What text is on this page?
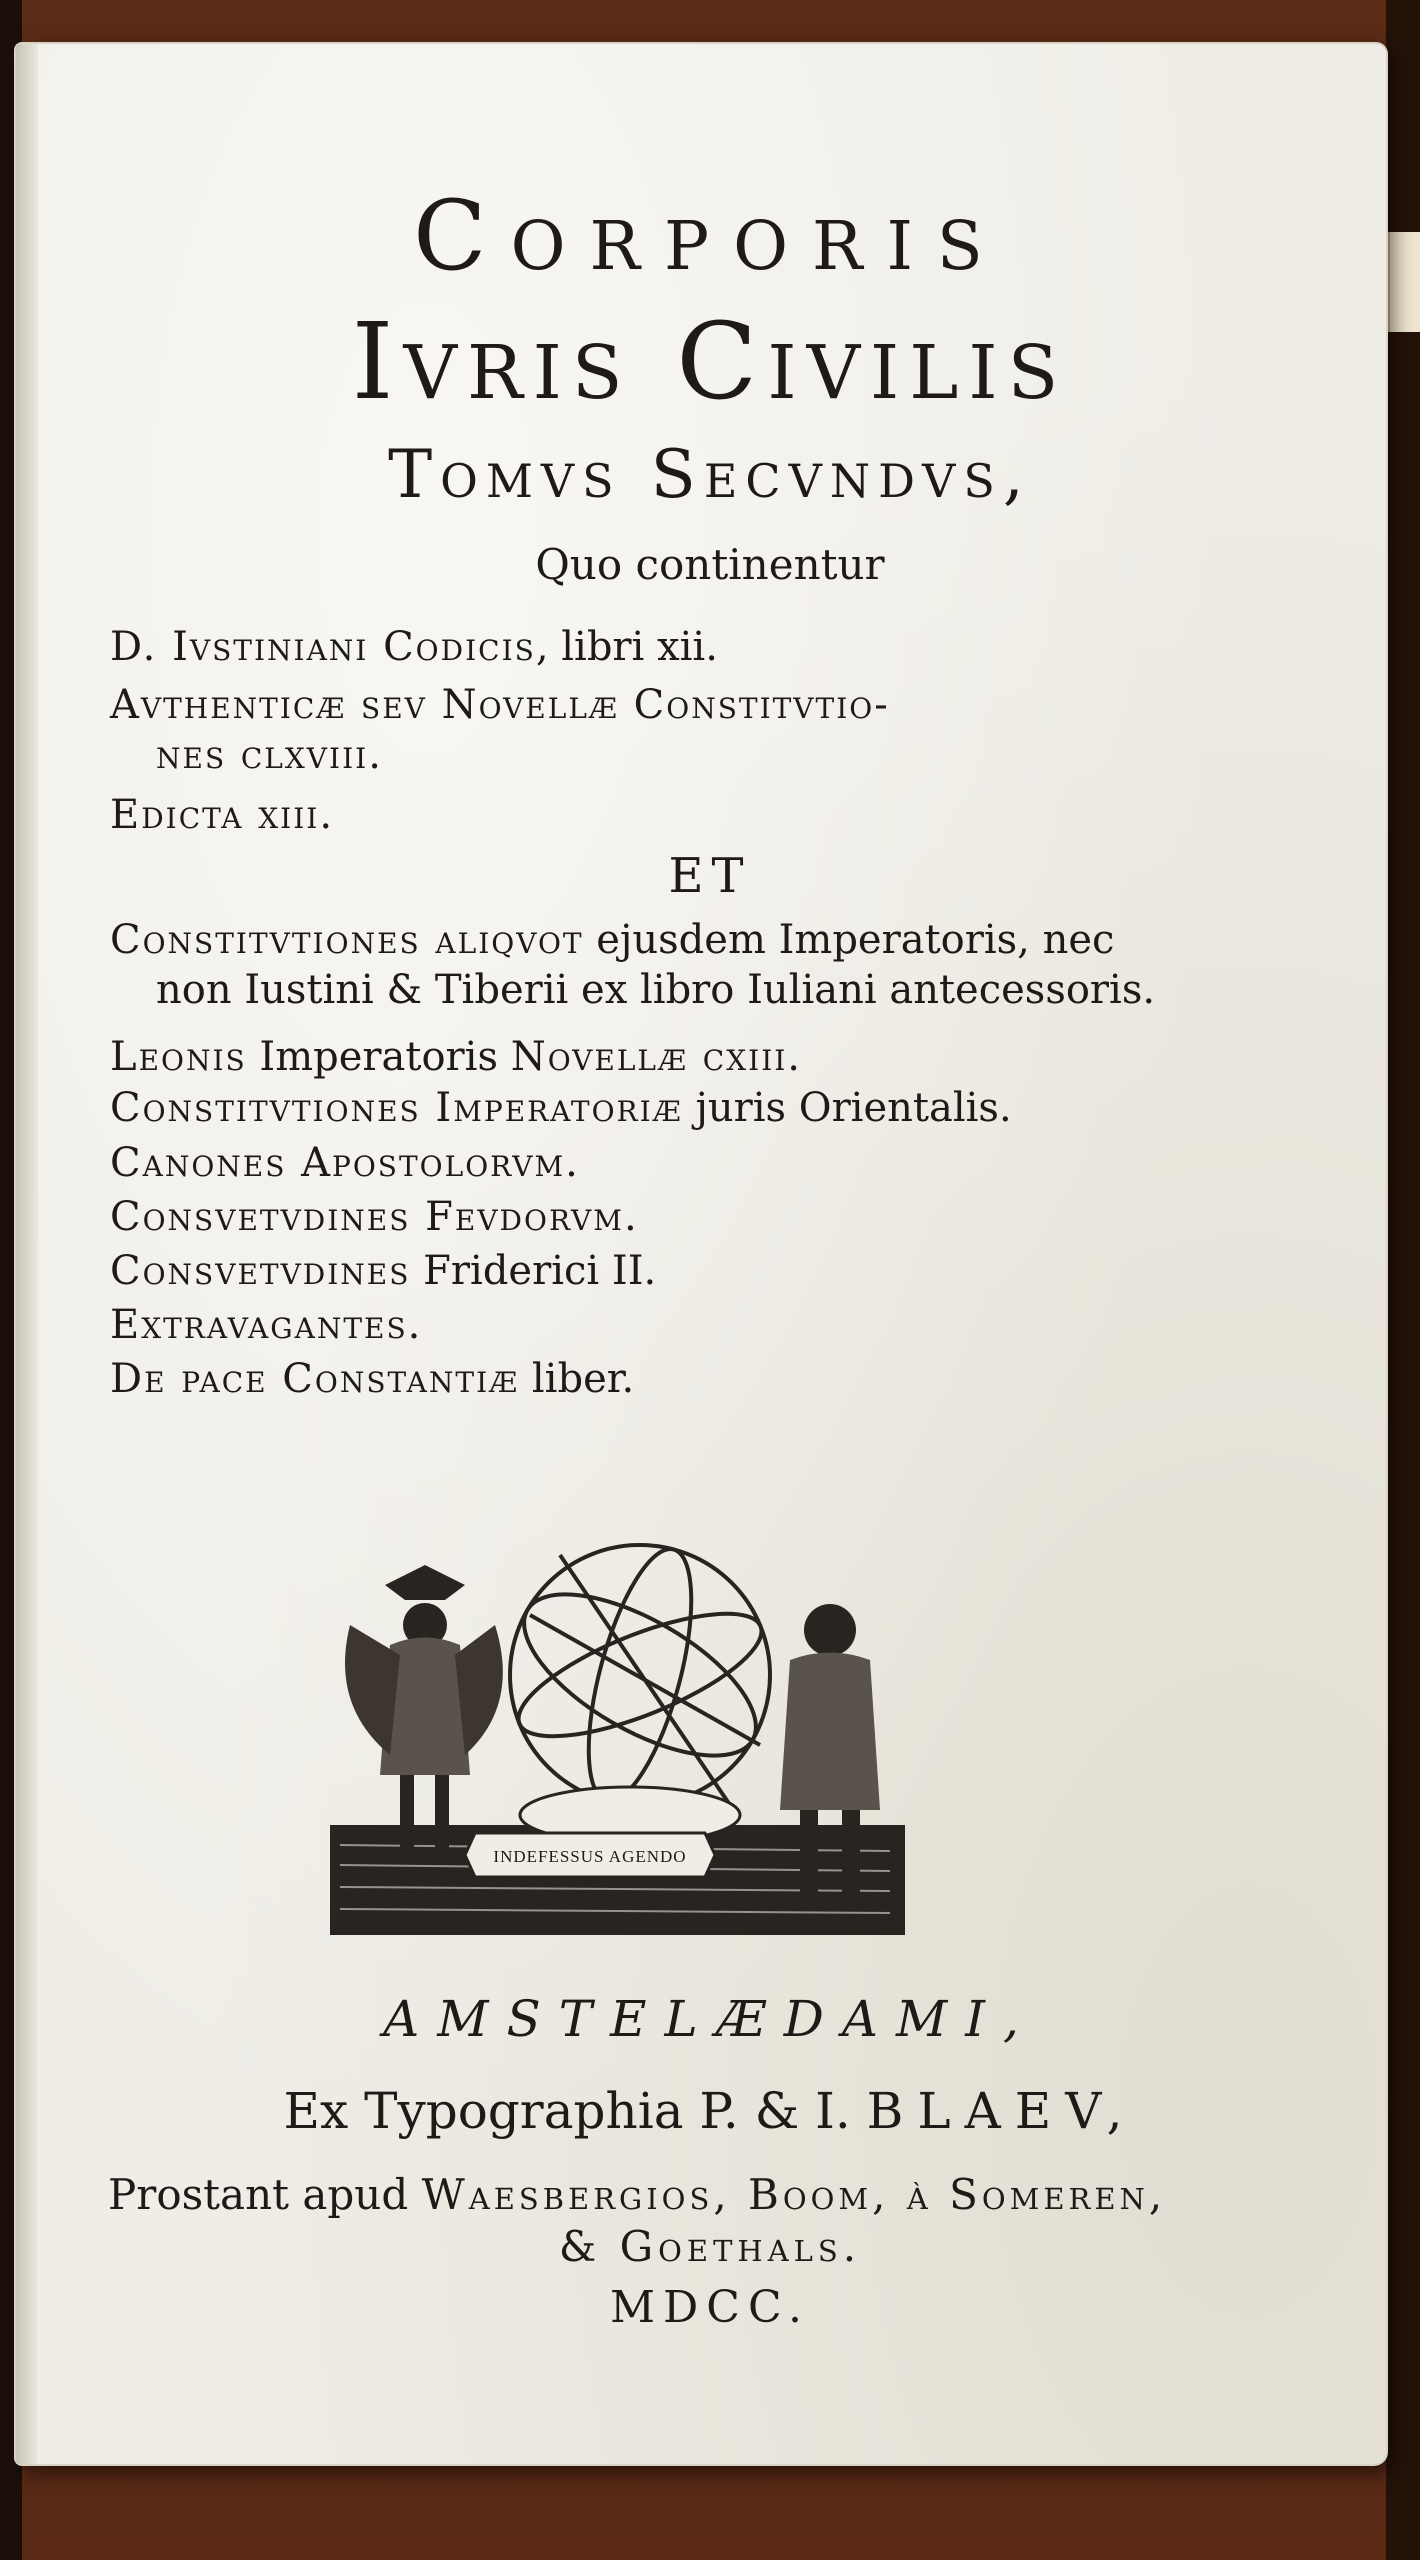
Corporis
Ivris Civilis
Tomvs Secvndvs,
Quo continentur
D. Ivstiniani Codicis, libri xii.
Avthenticæ sev Novellæ Constitvtio-
nes clxviii.
Edicta xiii.
ET
Constitvtiones aliqvot ejusdem Imperatoris, nec
non Iustini & Tiberii ex libro Iuliani antecessoris.
Leonis Imperatoris Novellæ cxiii.
Constitvtiones Imperatoriæ juris Orientalis.
Canones Apostolorvm.
Consvetvdines Fevdorvm.
Consvetvdines Friderici II.
Extravagantes.
De pace Constantiæ liber.
INDEFESSUS AGENDO
AMSTELÆDAMI,
Ex Typographia P. & I. BLAEV,
Prostant apud Waesbergios, Boom, à Someren,
& Goethals.
MDCC.
